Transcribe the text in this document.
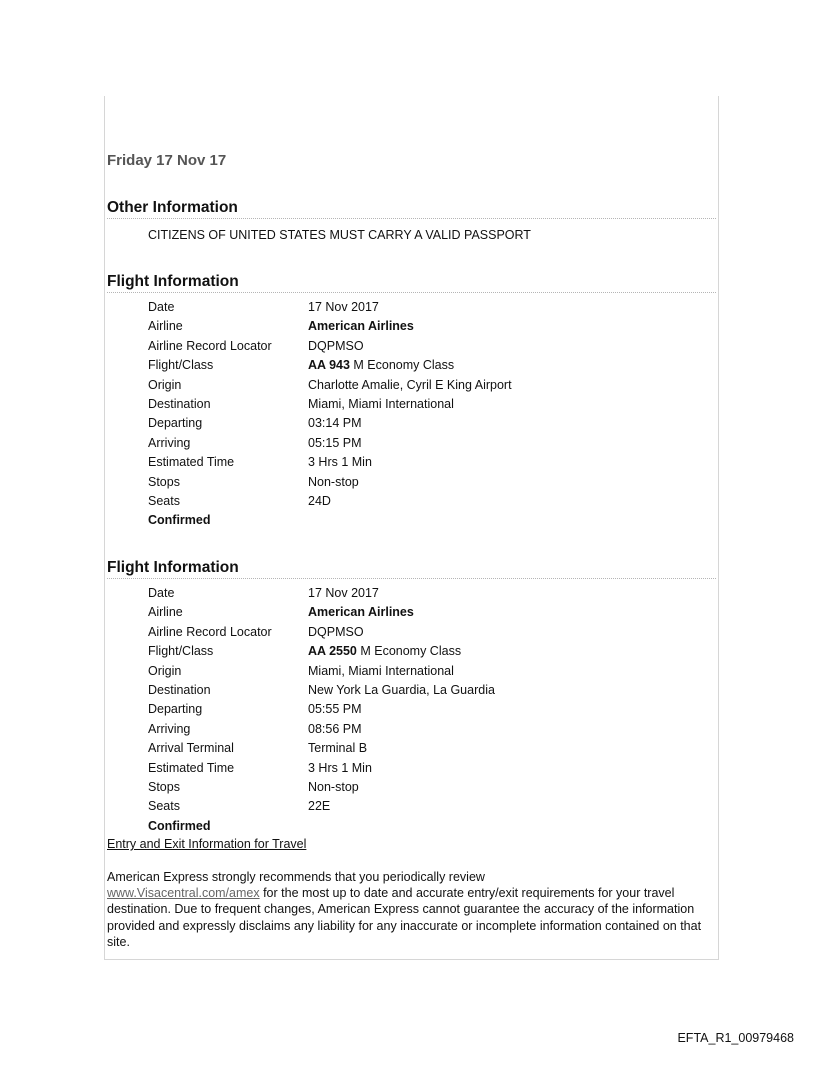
Friday 17 Nov 17
Other Information
CITIZENS OF UNITED STATES MUST CARRY A VALID PASSPORT
Flight Information
Date	17 Nov 2017
Airline	American Airlines
Airline Record Locator	DQPMSO
Flight/Class	AA 943 M Economy Class
Origin	Charlotte Amalie, Cyril E King Airport
Destination	Miami, Miami International
Departing	03:14 PM
Arriving	05:15 PM
Estimated Time	3 Hrs 1 Min
Stops	Non-stop
Seats	24D
Confirmed
Flight Information
Date	17 Nov 2017
Airline	American Airlines
Airline Record Locator	DQPMSO
Flight/Class	AA 2550 M Economy Class
Origin	Miami, Miami International
Destination	New York La Guardia, La Guardia
Departing	05:55 PM
Arriving	08:56 PM
Arrival Terminal	Terminal B
Estimated Time	3 Hrs 1 Min
Stops	Non-stop
Seats	22E
Confirmed
Entry and Exit Information for Travel
American Express strongly recommends that you periodically review
www.Visacentral.com/amex for the most up to date and accurate entry/exit requirements for your travel destination. Due to frequent changes, American Express cannot guarantee the accuracy of the information provided and expressly disclaims any liability for any inaccurate or incomplete information contained on that site.
EFTA_R1_00979468
